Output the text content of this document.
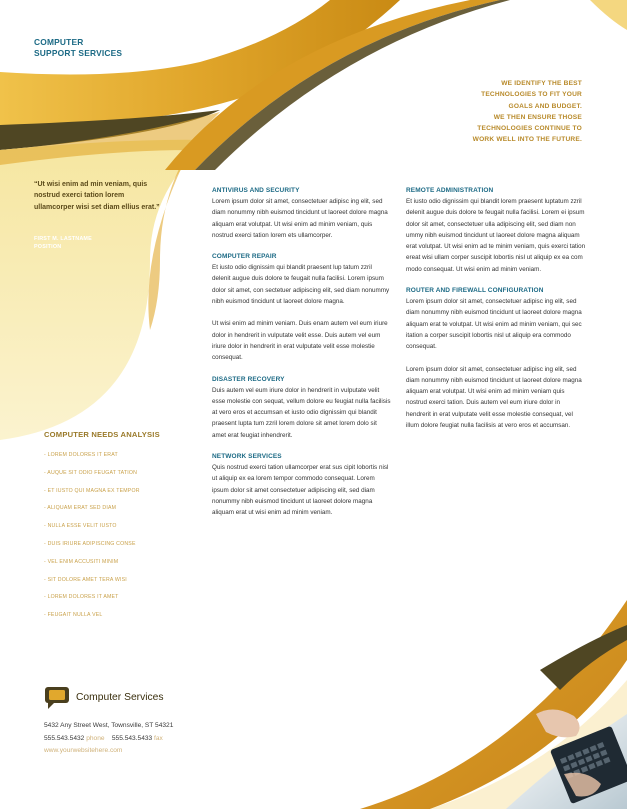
COMPUTER
SUPPORT SERVICES
WE IDENTIFY THE BEST
TECHNOLOGIES TO FIT YOUR
GOALS AND BUDGET.
WE THEN ENSURE THOSE
TECHNOLOGIES CONTINUE TO
WORK WELL INTO THE FUTURE.
“Ut wisi enim ad min veniam, quis nostrud exerci tation lorem ullamcorper wisi set diam ellius erat.”
FIRST M. LASTNAME
POSITION
ANTIVIRUS AND SECURITY

Lorem ipsum dolor sit amet, consectetuer adipisc ing elit, sed diam nonummy nibh euismod tincidunt ut laoreet dolore magna aliquam erat volutpat. Ut wisi enim ad minim veniam, quis nostrud exerci tation lorem ets ullamcorper.

COMPUTER REPAIR

Et iusto odio dignissim qui blandit praesent lup tatum zzril delenit augue duis dolore te feugait nulla facilisi. Lorem ipsum dolor sit amet, con sectetuer adipiscing elit, sed diam nonummy nibh euismod tincidunt ut laoreet dolore magna.

Ut wisi enim ad minim veniam. Duis enam autem vel eum iriure dolor in hendrerit in vulputate velit esse. Duis autem vel eum iriure dolor in hendrerit in erat vulputate velit esse molestie consequat.

DISASTER RECOVERY

Duis autem vel eum iriure dolor in hendrerit in vulputate velit esse molestie con sequat, vellum dolore eu feugiat nulla facilisis at vero eros et accumsan et iusto odio dignissim qui blandit praesent lupta tum zzril lorem dolore sit amet lorem dolo sit amet erat feugiat inhendrerit.

NETWORK SERVICES

Quis nostrud exerci tation ullamcorper erat sus cipit lobortis nisl ut aliquip ex ea lorem tempor commodo consequat. Lorem ipsum dolor sit amet consectetuer adipiscing elit, sed diam nonummy nibh euismod tincidunt ut laoreet dolore magna aliquam erat ut wisi enim ad minim veniam.

REMOTE ADMINISTRATION

Et iusto odio dignissim qui blandit lorem praesent luptatum zzril delenit augue duis dolore te feugait nulla facilisi. Lorem ei ipsum dolor sit amet, consectetuer ulla adipiscing elit, sed diam non ummy nibh euismod tincidunt ut laoreet dolore magna aliquam erat volutpat. Ut wisi enim ad te minim veniam, quis exerci tation ereat wisi ullam corper suscipit lobortis nisl ut aliquip ex ea com modo consequat. Ut wisi enim ad minim veniam.

ROUTER AND FIREWALL CONFIGURATION

Lorem ipsum dolor sit amet, consectetuer adipisc ing elit, sed diam nonummy nibh euismod tincidunt ut laoreet dolore magna aliquam erat te volutpat. Ut wisi enim ad minim veniam, qui sec itation a corper suscipit lobortis nisl ut aliquip era commodo consequat.

Lorem ipsum dolor sit amet, consectetuer adipisc ing elit, sed diam nonummy nibh euismod tincidunt ut laoreet dolore magna aliquam erat volutpat. Ut wisi enim ad minim veniam quis nostrud exerci tation. Duis autem vel eum iriure dolor in hendrerit in erat vulputate velit esse molestie consequat, vel illum dolore feugiat nulla facilisis at vero eros et accumsan.

COMPUTER NEEDS ANALYSIS
- LOREM DOLORES IT ERAT
- AUQUE SIT ODIO FEUGAT TATION
- ET IUSTO QUI MAGNA EX TEMPOR
- ALIQUAM ERAT SED DIAM
- NULLA ESSE VELIT IUSTO
- DUIS IRIURE ADIPISCING CONSE
- VEL ENIM ACCUSITI MINIM
- SIT DOLORE AMET TERA WISI
- LOREM DOLORES IT AMET
- FEUGAIT NULLA VEL
Computer Services
5432 Any Street West, Townsville, ST 54321
555.543.5432 phone 555.543.5433 fax
www.yourwebsitehere.com
